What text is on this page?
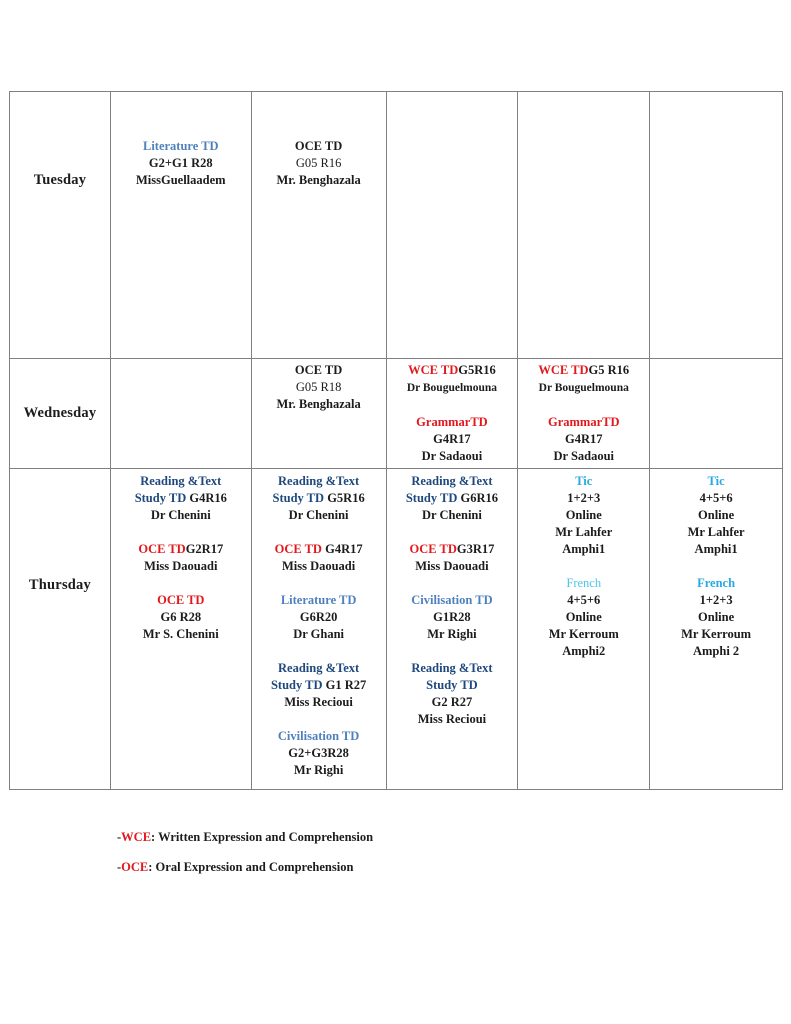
Tuesday
Literature TD
G2+G1 R28
MissGuellaadem
OCE TD
G05 R16
Mr. Benghazala
Wednesday
OCE TD
G05 R18
Mr. Benghazala
WCE TDG5R16
Dr Bouguelmouna

GrammarTD
G4R17
Dr Sadaoui
WCE TDG5 R16
Dr Bouguelmouna

GrammarTD
G4R17
Dr Sadaoui
Thursday
Reading &Text
Study TD G4R16
Dr Chenini

OCE TDG2R17
Miss Daouadi

OCE TD
G6 R28
Mr S. Chenini
Reading &Text
Study TD G5R16
Dr Chenini

OCE TD G4R17
Miss Daouadi

Literature TD
G6R20
Dr Ghani

Reading &Text
Study TD G1 R27
Miss Recioui

Civilisation TD
G2+G3R28
Mr Righi
Reading &Text
Study TD G6R16
Dr Chenini

OCE TDG3R17
Miss Daouadi

Civilisation TD
G1R28
Mr Righi

Reading &Text
Study TD
G2 R27
Miss Recioui
Tic
1+2+3
Online
Mr Lahfer
Amphi1

French
4+5+6
Online
Mr Kerroum
Amphi2
Tic
4+5+6
Online
Mr Lahfer
Amphi1

French
1+2+3
Online
Mr Kerroum
Amphi 2
-WCE: Written Expression and Comprehension
-OCE: Oral Expression and Comprehension
